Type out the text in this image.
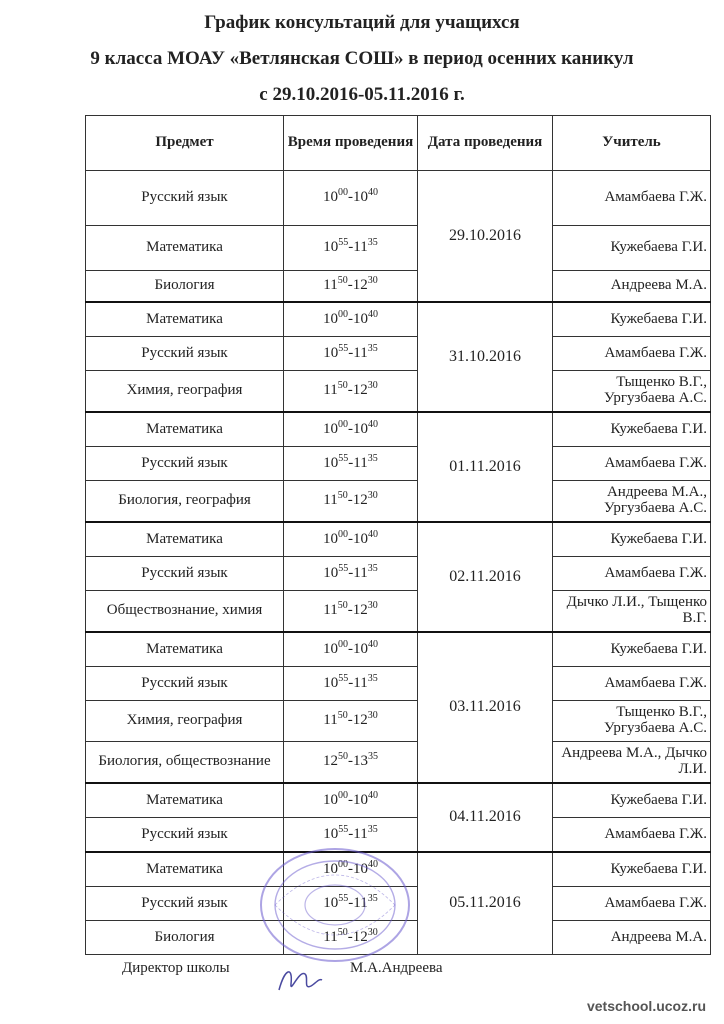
График консультаций для учащихся
9 класса МОАУ «Ветлянская СОШ» в период осенних каникул
с 29.10.2016-05.11.2016 г.
Предмет	Время проведения	Дата проведения	Учитель
Русский язык	$10^{00}-10^{40}$	29.10.2016	Амамбаева Г.Ж.
Математика	$10^{55}-11^{35}$		Кужебаева Г.И.
Биология	$11^{50}-12^{30}$		Андреева М.А.
Математика	$10^{00}-10^{40}$	31.10.2016	Кужебаева Г.И.
Русский язык	$10^{55}-11^{35}$		Амамбаева Г.Ж.
Химия, география	$11^{50}-12^{30}$		Тыщенко В.Г., Ургузбаева А.С.
Математика	$10^{00}-10^{40}$	01.11.2016	Кужебаева Г.И.
Русский язык	$10^{55}-11^{35}$		Амамбаева Г.Ж.
Биология, география	$11^{50}-12^{30}$		Андреева М.А., Ургузбаева А.С.
Математика	$10^{00}-10^{40}$	02.11.2016	Кужебаева Г.И.
Русский язык	$10^{55}-11^{35}$		Амамбаева Г.Ж.
Обществознание, химия	$11^{50}-12^{30}$		Дычко Л.И., Тыщенко В.Г.
Математика	$10^{00}-10^{40}$	03.11.2016	Кужебаева Г.И.
Русский язык	$10^{55}-11^{35}$		Амамбаева Г.Ж.
Химия, география	$11^{50}-12^{30}$		Тыщенко В.Г., Ургузбаева А.С.
Биология, обществознание	$12^{50}-13^{35}$		Андреева М.А., Дычко Л.И.
Математика	$10^{00}-10^{40}$	04.11.2016	Кужебаева Г.И.
Русский язык	$10^{55}-11^{35}$		Амамбаева Г.Ж.
Математика	$10^{00}-10^{40}$	05.11.2016	Кужебаева Г.И.
Русский язык	$10^{55}-11^{35}$		Амамбаева Г.Ж.
Биология	$11^{50}-12^{30}$		Андреева М.А.
Директор школы	М.А.Андреева
vetschool.ucoz.ru
